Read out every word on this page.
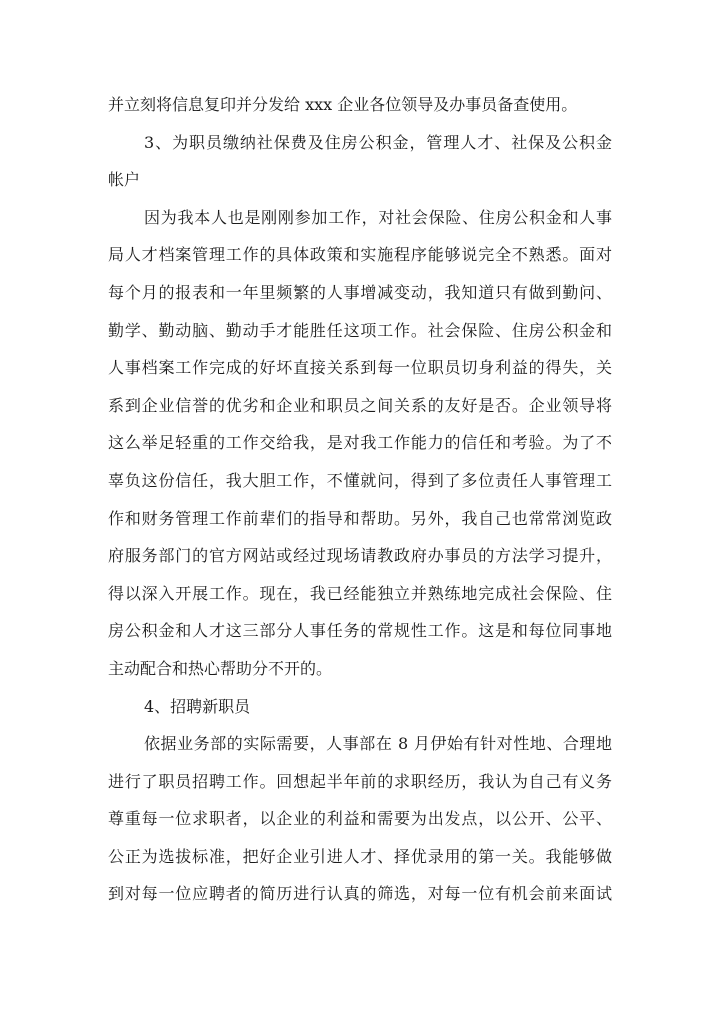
并立刻将信息复印并分发给 xxx 企业各位领导及办事员备查使用。
3、为职员缴纳社保费及住房公积金，管理人才、社保及公积金
帐户
因为我本人也是刚刚参加工作，对社会保险、住房公积金和人事
局人才档案管理工作的具体政策和实施程序能够说完全不熟悉。面对
每个月的报表和一年里频繁的人事增减变动，我知道只有做到勤问、
勤学、勤动脑、勤动手才能胜任这项工作。社会保险、住房公积金和
人事档案工作完成的好坏直接关系到每一位职员切身利益的得失，关
系到企业信誉的优劣和企业和职员之间关系的友好是否。企业领导将
这么举足轻重的工作交给我，是对我工作能力的信任和考验。为了不
辜负这份信任，我大胆工作，不懂就问，得到了多位责任人事管理工
作和财务管理工作前辈们的指导和帮助。另外，我自己也常常浏览政
府服务部门的官方网站或经过现场请教政府办事员的方法学习提升，
得以深入开展工作。现在，我已经能独立并熟练地完成社会保险、住
房公积金和人才这三部分人事任务的常规性工作。这是和每位同事地
主动配合和热心帮助分不开的。
4、招聘新职员
依据业务部的实际需要，人事部在 8 月伊始有针对性地、合理地
进行了职员招聘工作。回想起半年前的求职经历，我认为自己有义务
尊重每一位求职者，以企业的利益和需要为出发点，以公开、公平、
公正为选拔标准，把好企业引进人才、择优录用的第一关。我能够做
到对每一位应聘者的简历进行认真的筛选，对每一位有机会前来面试
